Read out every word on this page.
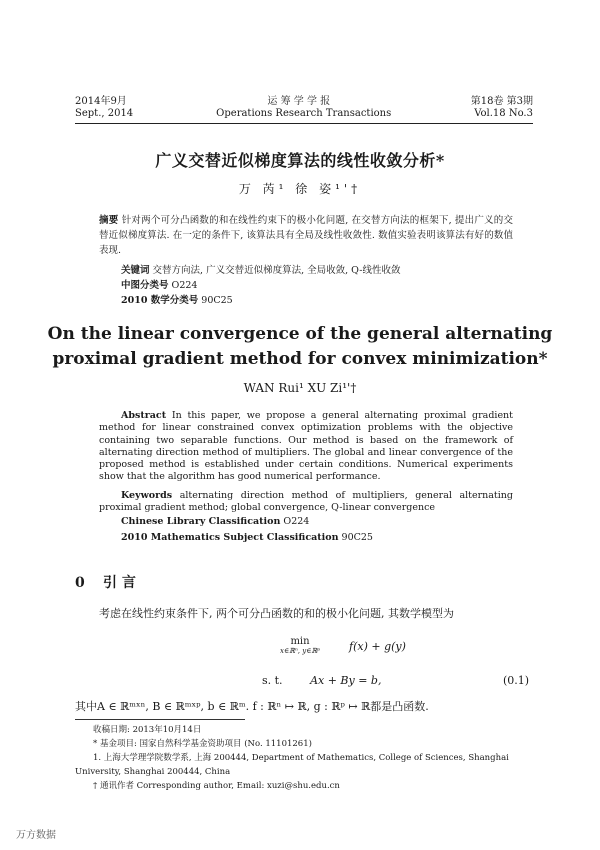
2014年9月	运 筹 学 学 报	第18卷 第3期
Sept., 2014	Operations Research Transactions	Vol.18 No.3
广义交替近似梯度算法的线性收敛分析*
万 芮¹ 徐 姿¹'†
摘要 针对两个可分凸函数的和在线性约束下的极小化问题, 在交替方向法的框架下, 提出广义的交替近似梯度算法. 在一定的条件下, 该算法具有全局及线性收敛性. 数值实验表明该算法有好的数值表现.
关键词 交替方向法, 广义交替近似梯度算法, 全局收敛, Q-线性收敛
中图分类号 O224
2010 数学分类号 90C25
On the linear convergence of the general alternating
proximal gradient method for convex minimization*
WAN Rui¹ XU Zi¹'†
Abstract In this paper, we propose a general alternating proximal gradient method for linear constrained convex optimization problems with the objective containing two separable functions. Our method is based on the framework of alternating direction method of multipliers. The global and linear convergence of the proposed method is established under certain conditions. Numerical experiments show that the algorithm has good numerical performance.
Keywords alternating direction method of multipliers, general alternating proximal gradient method; global convergence, Q-linear convergence
Chinese Library Classification O224
2010 Mathematics Subject Classification 90C25
0 引 言
考虑在线性约束条件下, 两个可分凸函数的和的极小化问题, 其数学模型为
min
x∈ℝⁿ, y∈ℝᵖ	f(x) + g(y)
s. t.	Ax + By = b,	(0.1)
其中A ∈ ℝᵐˣⁿ, B ∈ ℝᵐˣᵖ, b ∈ ℝᵐ. f : ℝⁿ ↦ ℝ, g : ℝᵖ ↦ ℝ都是凸函数.
收稿日期: 2013年10月14日
* 基金项目: 国家自然科学基金资助项目 (No. 11101261)
1. 上海大学理学院数学系, 上海 200444, Department of Mathematics, College of Sciences, Shanghai University, Shanghai 200444, China
† 通讯作者 Corresponding author, Email: xuzi@shu.edu.cn
万方数据
